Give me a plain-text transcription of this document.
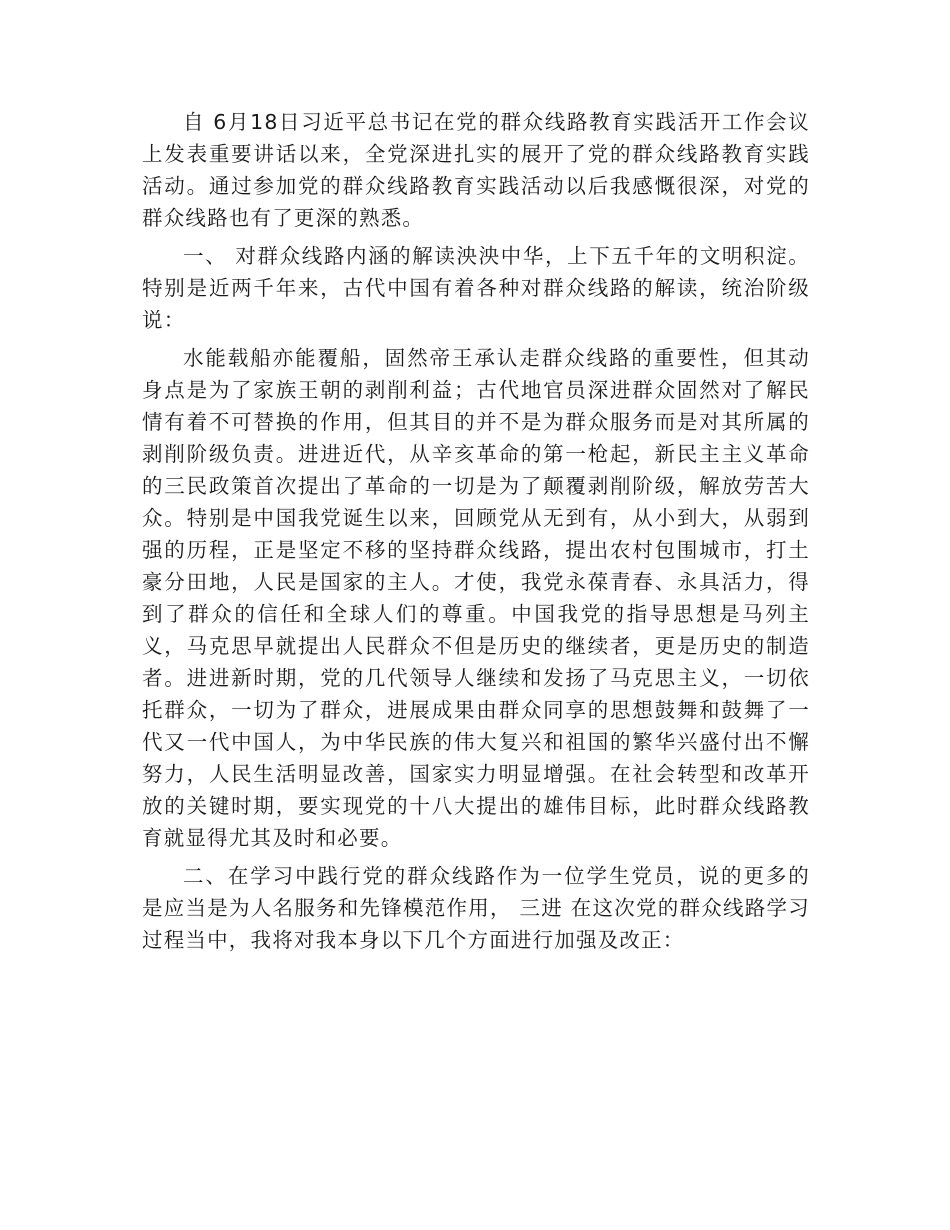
自 6月18日习近平总书记在党的群众线路教育实践活开工作会议上发表重要讲话以来，全党深进扎实的展开了党的群众线路教育实践活动。通过参加党的群众线路教育实践活动以后我感慨很深，对党的群众线路也有了更深的熟悉。

一、 对群众线路内涵的解读泱泱中华，上下五千年的文明积淀。特别是近两千年来，古代中国有着各种对群众线路的解读，统治阶级说：

水能载船亦能覆船，固然帝王承认走群众线路的重要性，但其动身点是为了家族王朝的剥削利益；古代地官员深进群众固然对了解民情有着不可替换的作用，但其目的并不是为群众服务而是对其所属的剥削阶级负责。进进近代，从辛亥革命的第一枪起，新民主主义革命的三民政策首次提出了革命的一切是为了颠覆剥削阶级，解放劳苦大众。特别是中国我党诞生以来，回顾党从无到有，从小到大，从弱到强的历程，正是坚定不移的坚持群众线路，提出农村包围城市，打土豪分田地，人民是国家的主人。才使，我党永葆青春、永具活力，得到了群众的信任和全球人们的尊重。中国我党的指导思想是马列主义，马克思早就提出人民群众不但是历史的继续者，更是历史的制造者。进进新时期，党的几代领导人继续和发扬了马克思主义，一切依托群众，一切为了群众，进展成果由群众同享的思想鼓舞和鼓舞了一代又一代中国人，为中华民族的伟大复兴和祖国的繁华兴盛付出不懈努力，人民生活明显改善，国家实力明显增强。在社会转型和改革开放的关键时期，要实现党的十八大提出的雄伟目标，此时群众线路教育就显得尤其及时和必要。

二、在学习中践行党的群众线路作为一位学生党员，说的更多的是应当是为人名服务和先锋模范作用， 三进 在这次党的群众线路学习过程当中，我将对我本身以下几个方面进行加强及改正：
